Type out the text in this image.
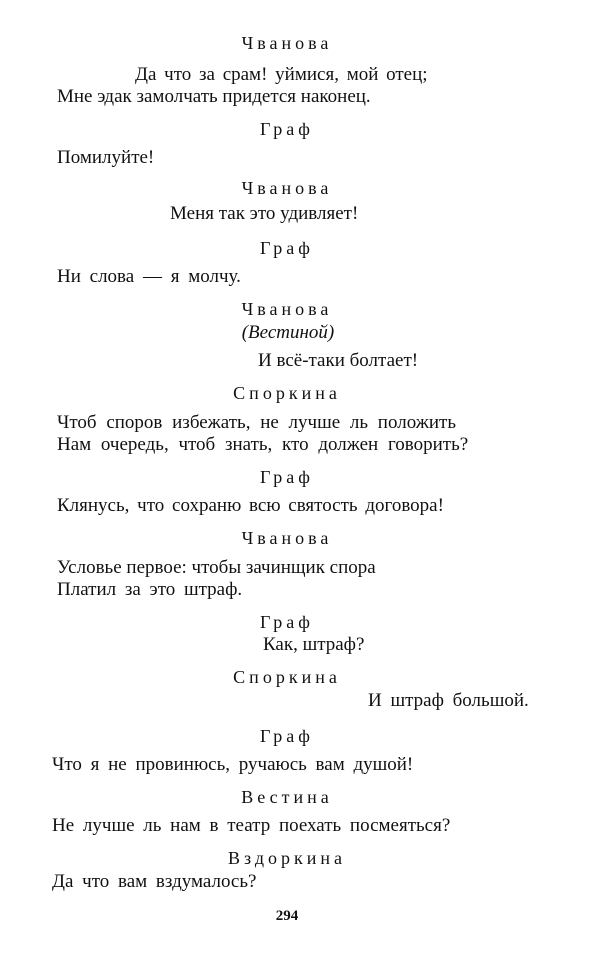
Чванова
Да что за срам! уймися, мой отец;
Мне эдак замолчать придется наконец.
Граф
Помилуйте!
Чванова
Меня так это удивляет!
Граф
Ни слова — я молчу.
Чванова
(Вестиной)
И всё-таки болтает!
Споркина
Чтоб споров избежать, не лучше ль положить
Нам очередь, чтоб знать, кто должен говорить?
Граф
Клянусь, что сохраню всю святость договора!
Чванова
Условье первое: чтобы зачинщик спора
Платил за это штраф.
Граф
Как, штраф?
Споркина
И штраф большой.
Граф
Что я не провинюсь, ручаюсь вам душой!
Вестина
Не лучше ль нам в театр поехать посмеяться?
Вздоркина
Да что вам вздумалось?
294
